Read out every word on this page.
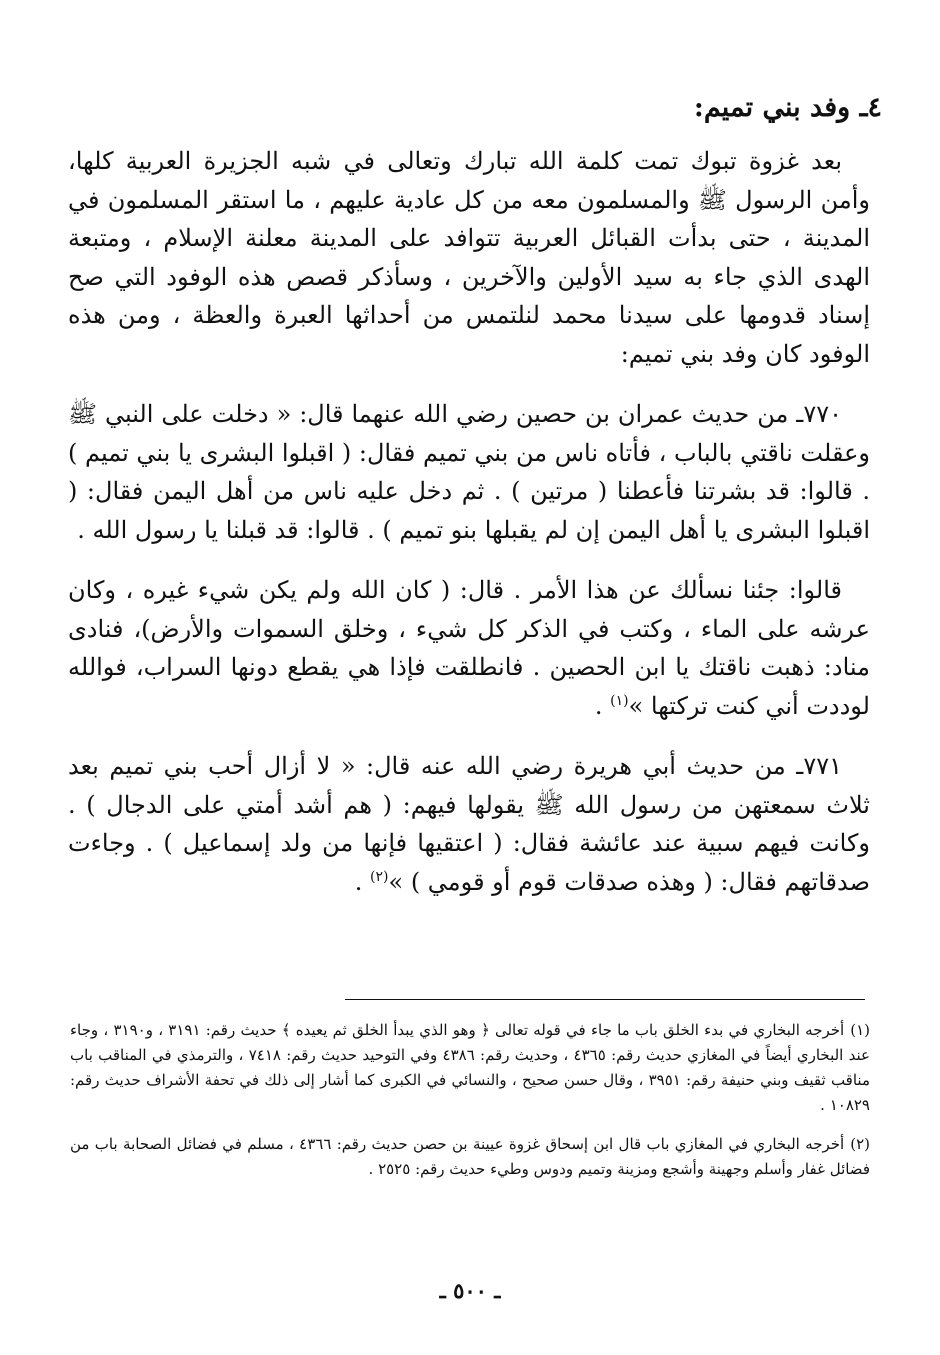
٤ـ وفد بني تميم:

بعد غزوة تبوك تمت كلمة الله تبارك وتعالى في شبه الجزيرة العربية كلها، وأمن الرسول ﷺ والمسلمون معه من كل عادية عليهم ، ما استقر المسلمون في المدينة ، حتى بدأت القبائل العربية تتوافد على المدينة معلنة الإسلام ، ومتبعة الهدى الذي جاء به سيد الأولين والآخرين ، وسأذكر قصص هذه الوفود التي صح إسناد قدومها على سيدنا محمد لنلتمس من أحداثها العبرة والعظة ، ومن هذه الوفود كان وفد بني تميم:

٧٧٠ـ من حديث عمران بن حصين رضي الله عنهما قال: « دخلت على النبي ﷺ وعقلت ناقتي بالباب ، فأتاه ناس من بني تميم فقال: ( اقبلوا البشرى يا بني تميم ) . قالوا: قد بشرتنا فأعطنا ( مرتين ) . ثم دخل عليه ناس من أهل اليمن فقال: ( اقبلوا البشرى يا أهل اليمن إن لم يقبلها بنو تميم ) . قالوا: قد قبلنا يا رسول الله .

قالوا: جئنا نسألك عن هذا الأمر . قال: ( كان الله ولم يكن شيء غيره ، وكان عرشه على الماء ، وكتب في الذكر كل شيء ، وخلق السموات والأرض)، فنادى مناد: ذهبت ناقتك يا ابن الحصين . فانطلقت فإذا هي يقطع دونها السراب، فوالله لوددت أني كنت تركتها »$^{(١)}$ .

٧٧١ـ من حديث أبي هريرة رضي الله عنه قال: « لا أزال أحب بني تميم بعد ثلاث سمعتهن من رسول الله ﷺ يقولها فيهم: ( هم أشد أمتي على الدجال ) . وكانت فيهم سبية عند عائشة فقال: ( اعتقيها فإنها من ولد إسماعيل ) . وجاءت صدقاتهم فقال: ( وهذه صدقات قوم أو قومي ) »$^{(٢)}$ .

(١)أخرجه البخاري في بدء الخلق باب ما جاء في قوله تعالى ﴿ وهو الذي يبدأ الخلق ثم يعيده ﴾ حديث رقم: ٣١٩١ ، و٣١٩٠ ، وجاء عند البخاري أيضاً في المغازي حديث رقم: ٤٣٦٥ ، وحديث رقم: ٤٣٨٦ وفي التوحيد حديث رقم: ٧٤١٨ ، والترمذي في المناقب باب مناقب ثقيف وبني حنيفة رقم: ٣٩٥١ ، وقال حسن صحيح ، والنسائي في الكبرى كما أشار إلى ذلك في تحفة الأشراف حديث رقم: ١٠٨٢٩ .

(٢)أخرجه البخاري في المغازي باب قال ابن إسحاق غزوة عيينة بن حصن حديث رقم: ٤٣٦٦ ، مسلم في فضائل الصحابة باب من فضائل غفار وأسلم وجهينة وأشجع ومزينة وتميم ودوس وطيء حديث رقم: ٢٥٢٥ .

ـ ٥٠٠ ـ
